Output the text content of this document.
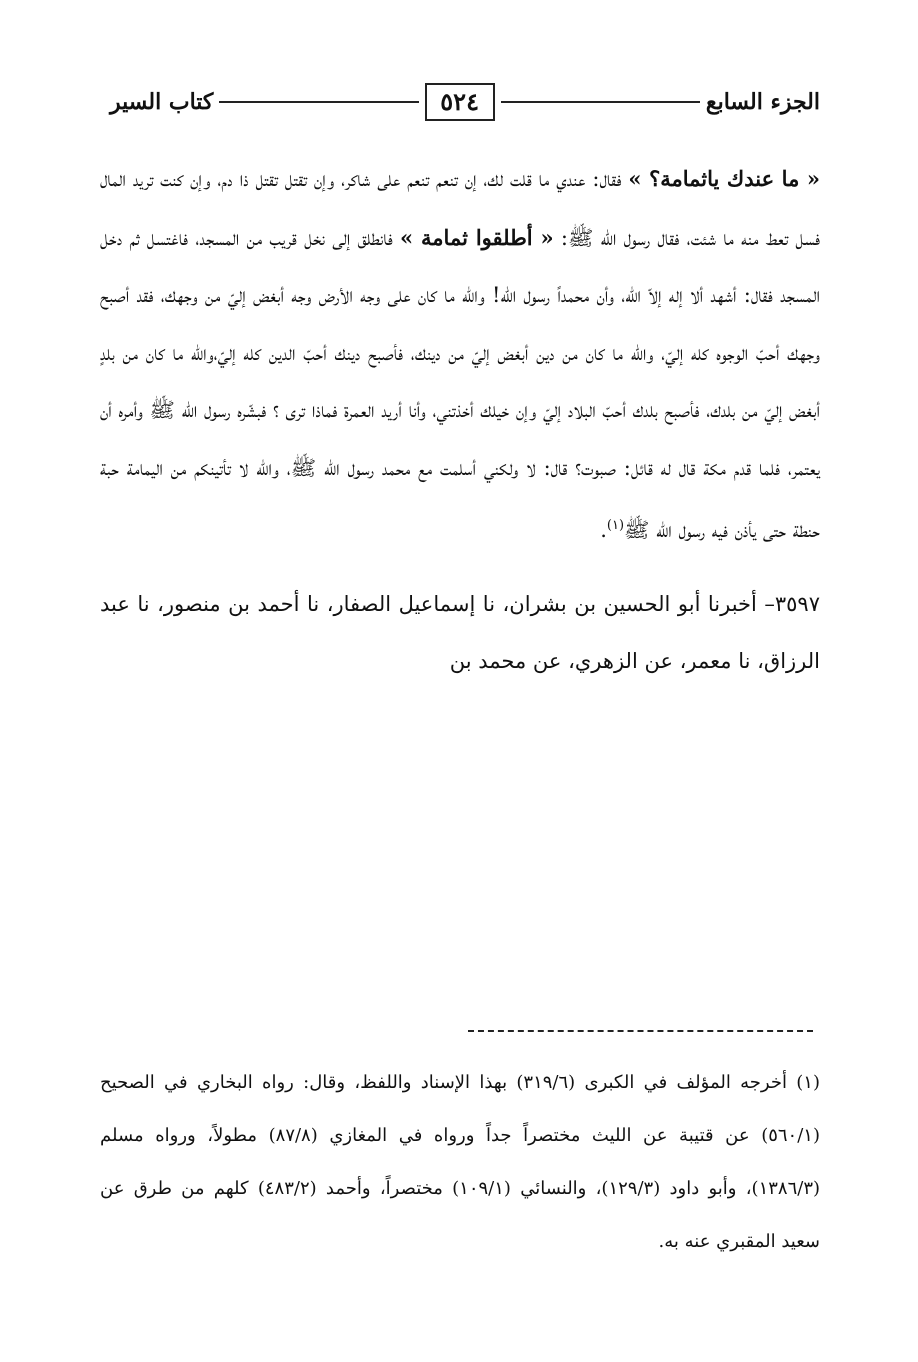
الجزء السابع
٥٢٤
كتاب السير

« ما عندك ياثمامة؟ » فقال: عندي ما قلت لك، إن تنعم تنعم على شاكر، وإن تقتل تقتل ذا دم، وإن كنت تريد المال فسل تعط منه ما شئت، فقال رسول الله ﷺ: « أطلقوا ثمامة » فانطلق إلى نخل قريب من المسجد، فاغتسل ثم دخل المسجد فقال: أشهد ألا إله إلاّ الله، وأن محمداً رسول الله! والله ما كان على وجه الأرض وجه أبغض إليّ من وجهك، فقد أصبح وجهك أحبّ الوجوه كله إليّ، والله ما كان من دين أبغض إليّ من دينك، فأصبح دينك أحبّ الدين كله إليّ،والله ما كان من بلدٍ أبغض إليّ من بلدك، فأصبح بلدك أحبّ البلاد إليّ وإن خيلك أخذتني، وأنا أريد العمرة فماذا ترى ؟ فبشّره رسول الله ﷺ وأمره أن يعتمر، فلما قدم مكة قال له قائل: صبوت؟ قال: لا ولكني أسلمت مع محمد رسول الله ﷺ، والله لا تأتينكم من اليمامة حبة حنطة حتى يأذن فيه رسول الله ﷺ$^{(١)}$.

٣٥٩٧– أخبرنا أبو الحسين بن بشران، نا إسماعيل الصفار، نا أحمد بن منصور، نا عبد الرزاق، نا معمر، عن الزهري، عن محمد بن

(١) أخرجه المؤلف في الكبرى (٣١٩/٦) بهذا الإسناد واللفظ، وقال: رواه البخاري في الصحيح (٥٦٠/١) عن قتيبة عن الليث مختصراً جداً ورواه في المغازي (٨٧/٨) مطولاً، ورواه مسلم (١٣٨٦/٣)، وأبو داود (١٢٩/٣)، والنسائي (١٠٩/١) مختصراً، وأحمد (٤٨٣/٢) كلهم من طرق عن سعيد المقبري عنه به.
